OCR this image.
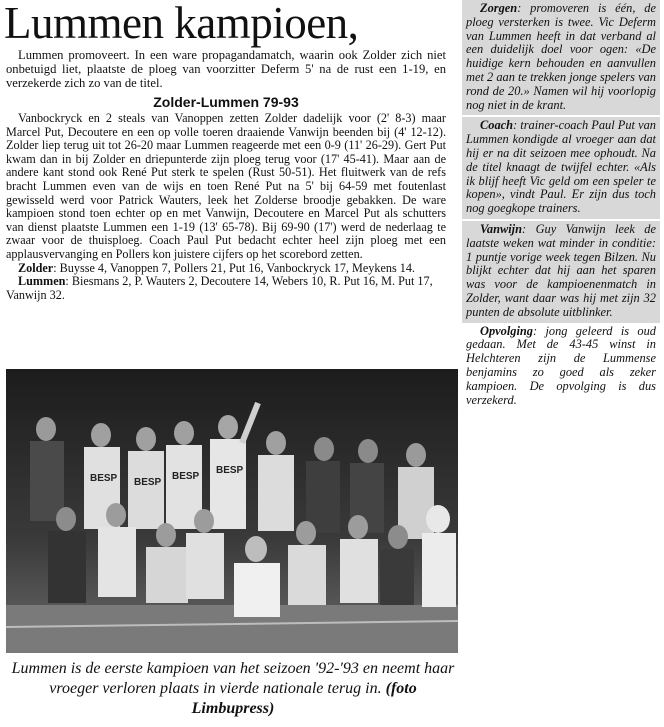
Lummen kampioen,

Lummen promoveert. In een ware propagandamatch, waarin ook Zolder zich niet onbetuigd liet, plaatste de ploeg van voorzitter Deferm 5' na de rust een 1-19, en verzekerde zich zo van de titel.

Zolder-Lummen 79-93

Vanbockryck en 2 steals van Vanoppen zetten Zolder dadelijk voor (2' 8-3) maar Marcel Put, Decoutere en een op volle toeren draaiende Vanwijn beenden bij (4' 12-12). Zolder liep terug uit tot 26-20 maar Lummen reageerde met een 0-9 (11' 26-29). Gert Put kwam dan in bij Zolder en driepunterde zijn ploeg terug voor (17' 45-41). Maar aan de andere kant stond ook René Put sterk te spelen (Rust 50-51). Het fluitwerk van de refs bracht Lummen even van de wijs en toen René Put na 5' bij 64-59 met foutenlast gewisseld werd voor Patrick Wauters, leek het Zolderse broodje gebakken. De ware kampioen stond toen echter op en met Vanwijn, Decoutere en Marcel Put als schutters van dienst plaatste Lummen een 1-19 (13' 65-78). Bij 69-90 (17') werd de nederlaag te zwaar voor de thuisploeg. Coach Paul Put bedacht echter heel zijn ploeg met een applausvervanging en Pollers kon juistere cijfers op het scorebord zetten.

Zolder: Buysse 4, Vanoppen 7, Pollers 21, Put 16, Vanbockryck 17, Meykens 14.

Lummen: Biesmans 2, P. Wauters 2, Decoutere 14, Webers 10, R. Put 16, M. Put 17, Vanwijn 32.

BESP BESP
BESP
BESP
Lummen is de eerste kampioen van het seizoen '92-'93 en neemt haar vroeger verloren plaats in vierde nationale terug in. (foto Limbupress)

Zorgen: promoveren is één, de ploeg versterken is twee. Vic Deferm van Lummen heeft in dat verband al een duidelijk doel voor ogen: «De huidige kern behouden en aanvullen met 2 aan te trekken jonge spelers van rond de 20.» Namen wil hij voorlopig nog niet in de krant.

Coach: trainer-coach Paul Put van Lummen kondigde al vroeger aan dat hij er na dit seizoen mee ophoudt. Na de titel knaagt de twijfel echter. «Als ik blijf heeft Vic geld om een speler te kopen», vindt Paul. Er zijn dus toch nog goegkope trainers.

Vanwijn: Guy Vanwijn leek de laatste weken wat minder in conditie: 1 puntje vorige week tegen Bilzen. Nu blijkt echter dat hij aan het sparen was voor de kampioenenmatch in Zolder, want daar was hij met zijn 32 punten de absolute uitblinker.

Opvolging: jong geleerd is oud gedaan. Met de 43-45 winst in Helchteren zijn de Lummense benjamins zo goed als zeker kampioen. De opvolging is dus verzekerd.
